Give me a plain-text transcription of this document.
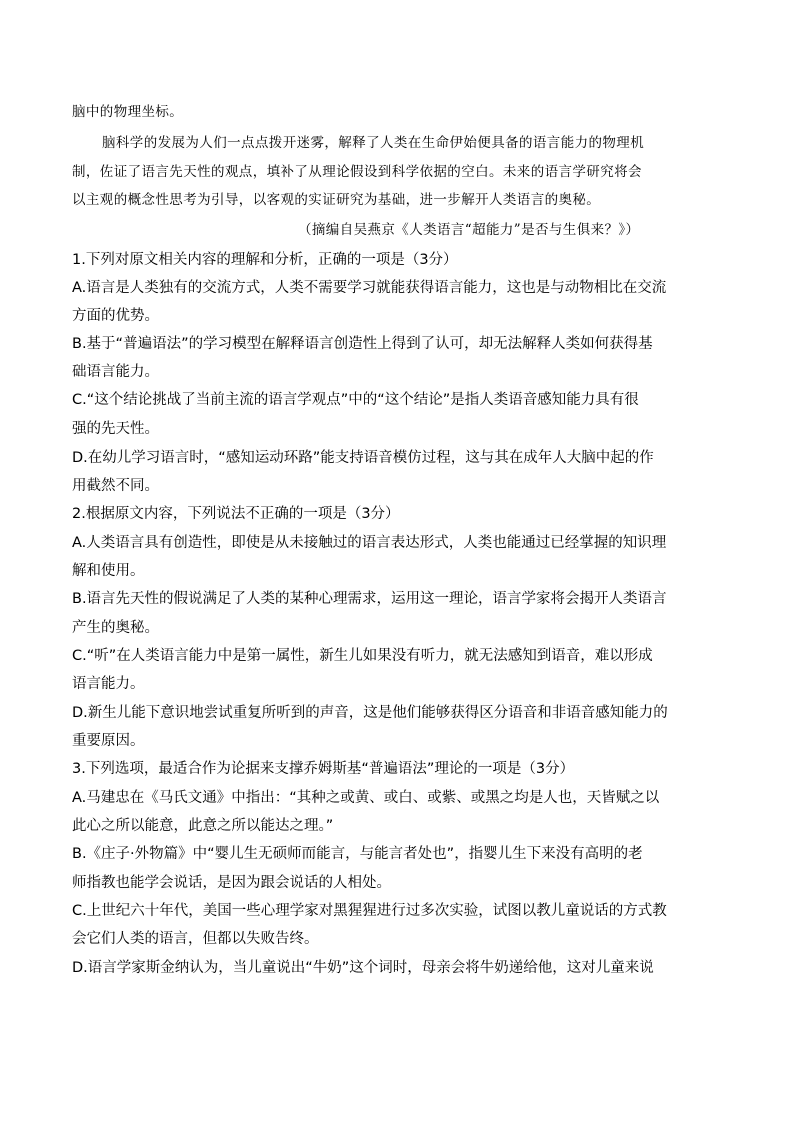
脑中的物理坐标。
脑科学的发展为人们一点点拨开迷雾，解释了人类在生命伊始便具备的语言能力的物理机
制，佐证了语言先天性的观点，填补了从理论假设到科学依据的空白。未来的语言学研究将会
以主观的概念性思考为引导，以客观的实证研究为基础，进一步解开人类语言的奥秘。
（摘编自吴燕京《人类语言“超能力”是否与生俱来？》）
1.下列对原文相关内容的理解和分析，正确的一项是（3分）
A.语言是人类独有的交流方式，人类不需要学习就能获得语言能力，这也是与动物相比在交流
方面的优势。
B.基于“普遍语法”的学习模型在解释语言创造性上得到了认可，却无法解释人类如何获得基
础语言能力。
C.“这个结论挑战了当前主流的语言学观点”中的“这个结论”是指人类语音感知能力具有很
强的先天性。
D.在幼儿学习语言时，“感知运动环路”能支持语音模仿过程，这与其在成年人大脑中起的作
用截然不同。
2.根据原文内容，下列说法不正确的一项是（3分）
A.人类语言具有创造性，即使是从未接触过的语言表达形式，人类也能通过已经掌握的知识理
解和使用。
B.语言先天性的假说满足了人类的某种心理需求，运用这一理论，语言学家将会揭开人类语言
产生的奥秘。
C.“听”在人类语言能力中是第一属性，新生儿如果没有听力，就无法感知到语音，难以形成
语言能力。
D.新生儿能下意识地尝试重复所听到的声音，这是他们能够获得区分语音和非语音感知能力的
重要原因。
3.下列选项，最适合作为论据来支撑乔姆斯基“普遍语法”理论的一项是（3分）
A.马建忠在《马氏文通》中指出：“其种之或黄、或白、或紫、或黑之均是人也，天皆赋之以
此心之所以能意，此意之所以能达之理。”
B.《庄子·外物篇》中“婴儿生无硕师而能言，与能言者处也”，指婴儿生下来没有高明的老
师指教也能学会说话，是因为跟会说话的人相处。
C.上世纪六十年代，美国一些心理学家对黑猩猩进行过多次实验，试图以教儿童说话的方式教
会它们人类的语言，但都以失败告终。
D.语言学家斯金纳认为，当儿童说出“牛奶”这个词时，母亲会将牛奶递给他，这对儿童来说
